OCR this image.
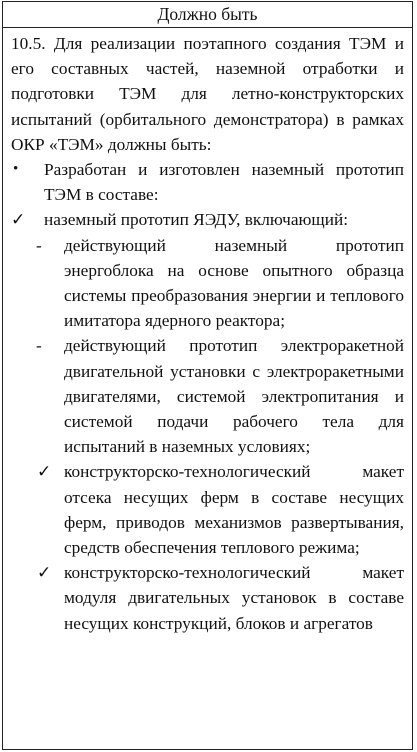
Должно быть

10.5. Для реализации поэтапного создания ТЭМ и его составных частей, наземной отработки и подготовки ТЭМ для летно-конструкторских испытаний (орбитального демонстратора) в рамках ОКР «ТЭМ» должны быть:

• Разработан и изготовлен наземный прототип ТЭМ в составе:

✓ наземный прототип ЯЭДУ, включающий:

- действующий наземный прототип энергоблока на основе опытного образца системы преобразования энергии и теплового имитатора ядерного реактора;

- действующий прототип электроракетной двигательной установки с электроракетными двигателями, системой электропитания и системой подачи рабочего тела для испытаний в наземных условиях;

✓ конструкторско-технологический макет отсека несущих ферм в составе несущих ферм, приводов механизмов развертывания, средств обеспечения теплового режима;

✓ конструкторско-технологический макет модуля двигательных установок в составе несущих конструкций, блоков и агрегатов
